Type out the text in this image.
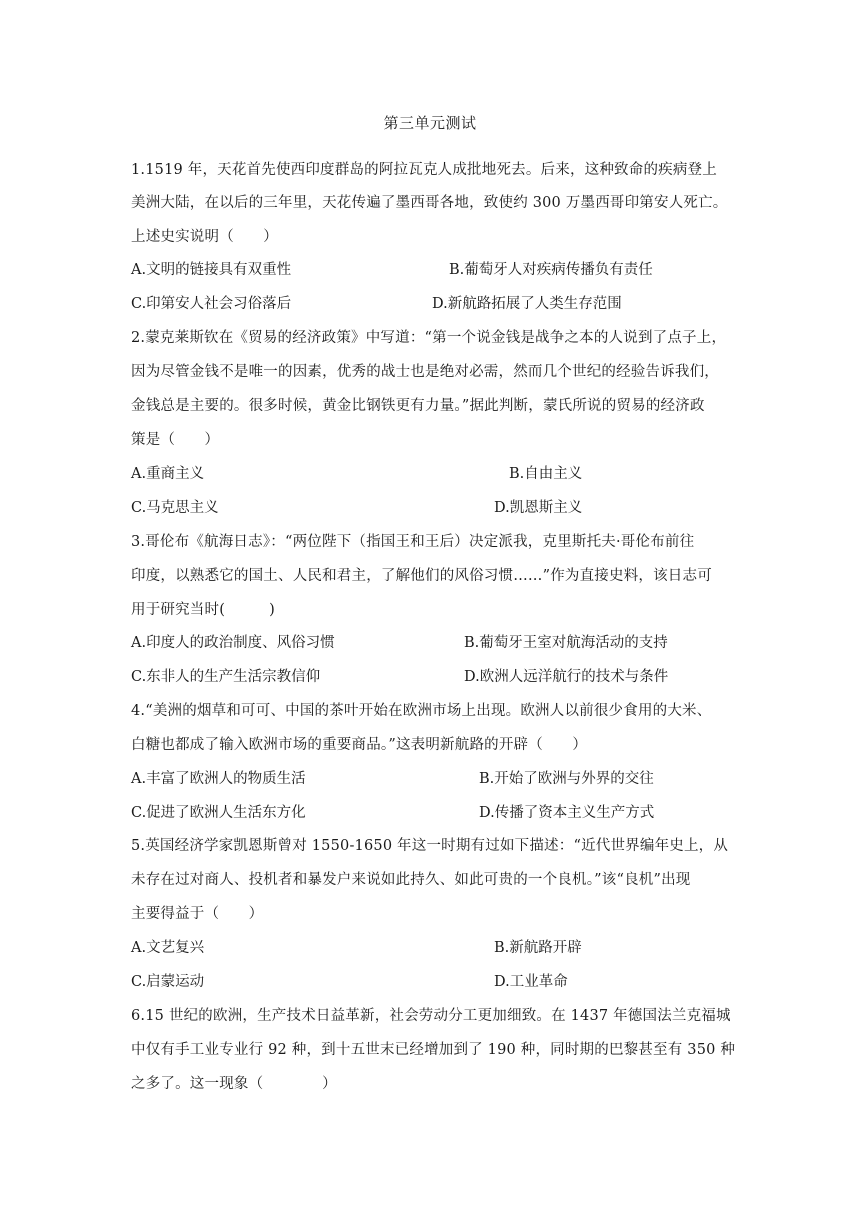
第三单元测试
1.1519 年，天花首先使西印度群岛的阿拉瓦克人成批地死去。后来，这种致命的疾病登上
美洲大陆，在以后的三年里，天花传遍了墨西哥各地，致使约 300 万墨西哥印第安人死亡。
上述史实说明（　　）
A.文明的链接具有双重性	B.葡萄牙人对疾病传播负有责任
C.印第安人社会习俗落后	D.新航路拓展了人类生存范围
2.蒙克莱斯钦在《贸易的经济政策》中写道：“第一个说金钱是战争之本的人说到了点子上，
因为尽管金钱不是唯一的因素，优秀的战士也是绝对必需，然而几个世纪的经验告诉我们，
金钱总是主要的。很多时候，黄金比钢铁更有力量。”据此判断，蒙氏所说的贸易的经济政
策是（　　）
A.重商主义	B.自由主义
C.马克思主义	D.凯恩斯主义
3.哥伦布《航海日志》：“两位陛下（指国王和王后）决定派我，克里斯托夫·哥伦布前往
印度，以熟悉它的国土、人民和君主，了解他们的风俗习惯……”作为直接史料，该日志可
用于研究当时(　　　)
A.印度人的政治制度、风俗习惯	B.葡萄牙王室对航海活动的支持
C.东非人的生产生活宗教信仰	D.欧洲人远洋航行的技术与条件
4.“美洲的烟草和可可、中国的茶叶开始在欧洲市场上出现。欧洲人以前很少食用的大米、
白糖也都成了输入欧洲市场的重要商品。”这表明新航路的开辟（　　）
A.丰富了欧洲人的物质生活	B.开始了欧洲与外界的交往
C.促进了欧洲人生活东方化	D.传播了资本主义生产方式
5.英国经济学家凯恩斯曾对 1550-1650 年这一时期有过如下描述：“近代世界编年史上，从
未存在过对商人、投机者和暴发户来说如此持久、如此可贵的一个良机。”该“良机”出现
主要得益于（　　）
A.文艺复兴	B.新航路开辟
C.启蒙运动	D.工业革命
6.15 世纪的欧洲，生产技术日益革新，社会劳动分工更加细致。在 1437 年德国法兰克福城
中仅有手工业专业行 92 种，到十五世末已经增加到了 190 种，同时期的巴黎甚至有 350 种
之多了。这一现象（　　　　）
